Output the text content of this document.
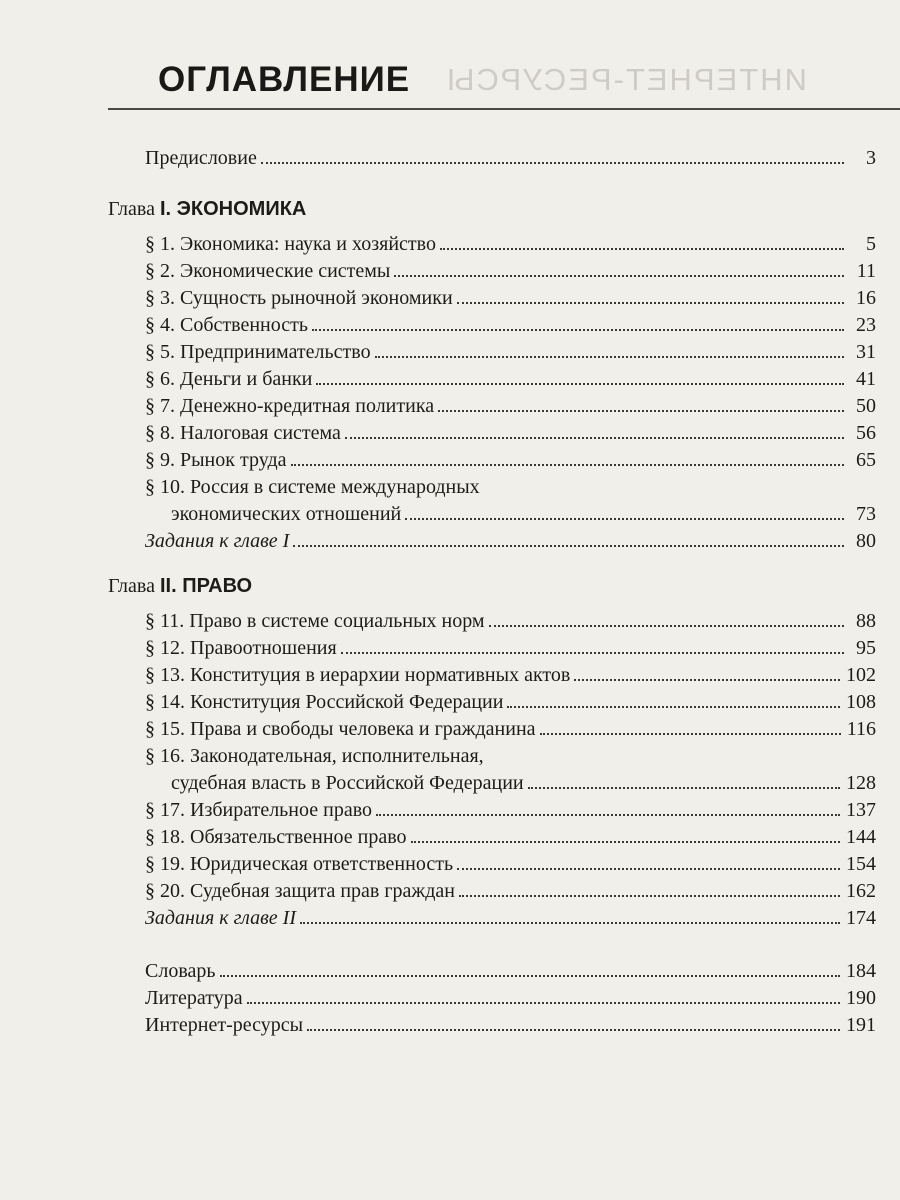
ИНТЕРНЕТ-РЕСУРСЫ
ОГЛАВЛЕНИЕ
Предисловие	3
Глава I. ЭКОНОМИКА
§ 1. Экономика: наука и хозяйство	5
§ 2. Экономические системы	11
§ 3. Сущность рыночной экономики	16
§ 4. Собственность	23
§ 5. Предпринимательство	31
§ 6. Деньги и банки	41
§ 7. Денежно-кредитная политика	50
§ 8. Налоговая система	56
§ 9. Рынок труда	65
§ 10. Россия в системе международных
экономических отношений	73
Задания к главе I	80
Глава II. ПРАВО
§ 11. Право в системе социальных норм	88
§ 12. Правоотношения	95
§ 13. Конституция в иерархии нормативных актов	102
§ 14. Конституция Российской Федерации	108
§ 15. Права и свободы человека и гражданина	116
§ 16. Законодательная, исполнительная,
судебная власть в Российской Федерации	128
§ 17. Избирательное право	137
§ 18. Обязательственное право	144
§ 19. Юридическая ответственность	154
§ 20. Судебная защита прав граждан	162
Задания к главе II	174
Словарь	184
Литература	190
Интернет-ресурсы	191
